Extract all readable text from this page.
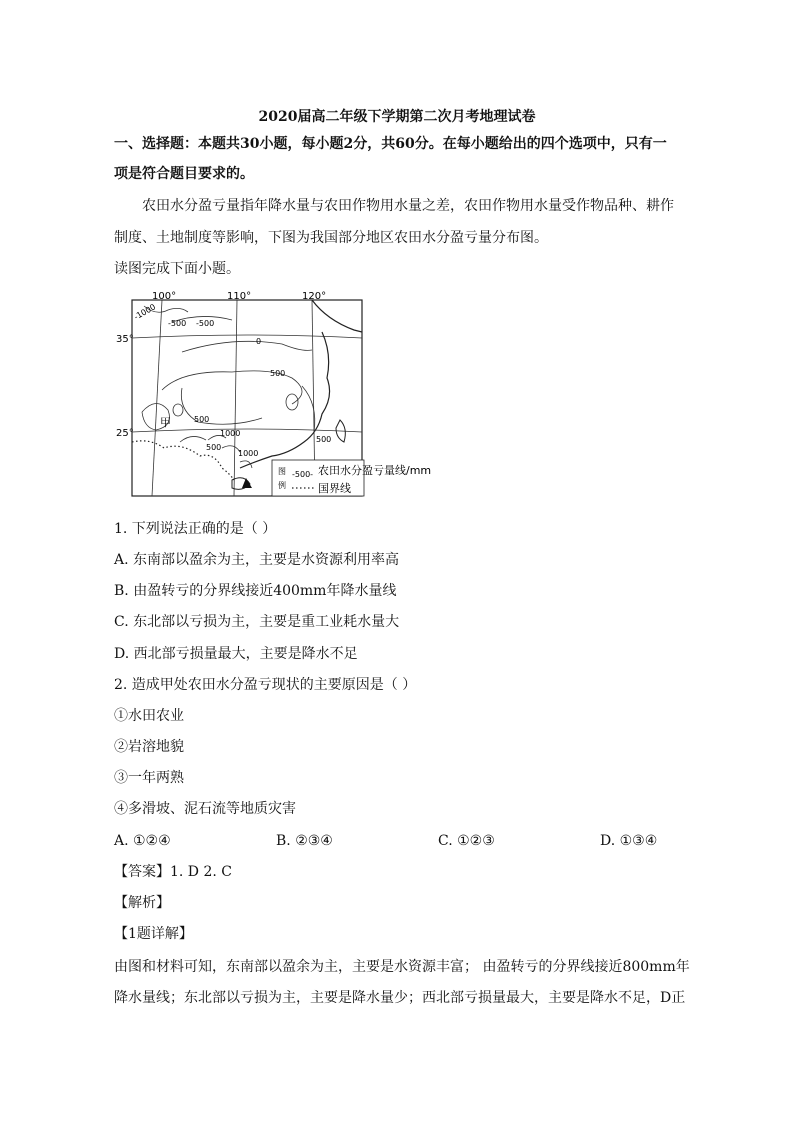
2020届高二年级下学期第二次月考地理试卷
一、选择题：本题共30小题，每小题2分，共60分。在每小题给出的四个选项中，只有一
项是符合题目要求的。
农田水分盈亏量指年降水量与农田作物用水量之差，农田作物用水量受作物品种、耕作
制度、土地制度等影响，下图为我国部分地区农田水分盈亏量分布图。
读图完成下面小题。
100°	110°	120°
35°
25°
-1000
-500 -500
0
500
500
1000
500
1000
500
甲
图
例
-500- 农田水分盈亏量线/mm
国界线
1. 下列说法正确的是（ ）
A. 东南部以盈余为主，主要是水资源利用率高
B. 由盈转亏的分界线接近400mm年降水量线
C. 东北部以亏损为主，主要是重工业耗水量大
D. 西北部亏损量最大，主要是降水不足
2. 造成甲处农田水分盈亏现状的主要原因是（ ）
①水田农业
②岩溶地貌
③一年两熟
④多滑坡、泥石流等地质灾害
A. ①②④	B. ②③④	C. ①②③	D. ①③④
【答案】1. D 2. C
【解析】
【1题详解】
由图和材料可知，东南部以盈余为主，主要是水资源丰富； 由盈转亏的分界线接近800mm年
降水量线；东北部以亏损为主，主要是降水量少；西北部亏损量最大，主要是降水不足，D正
